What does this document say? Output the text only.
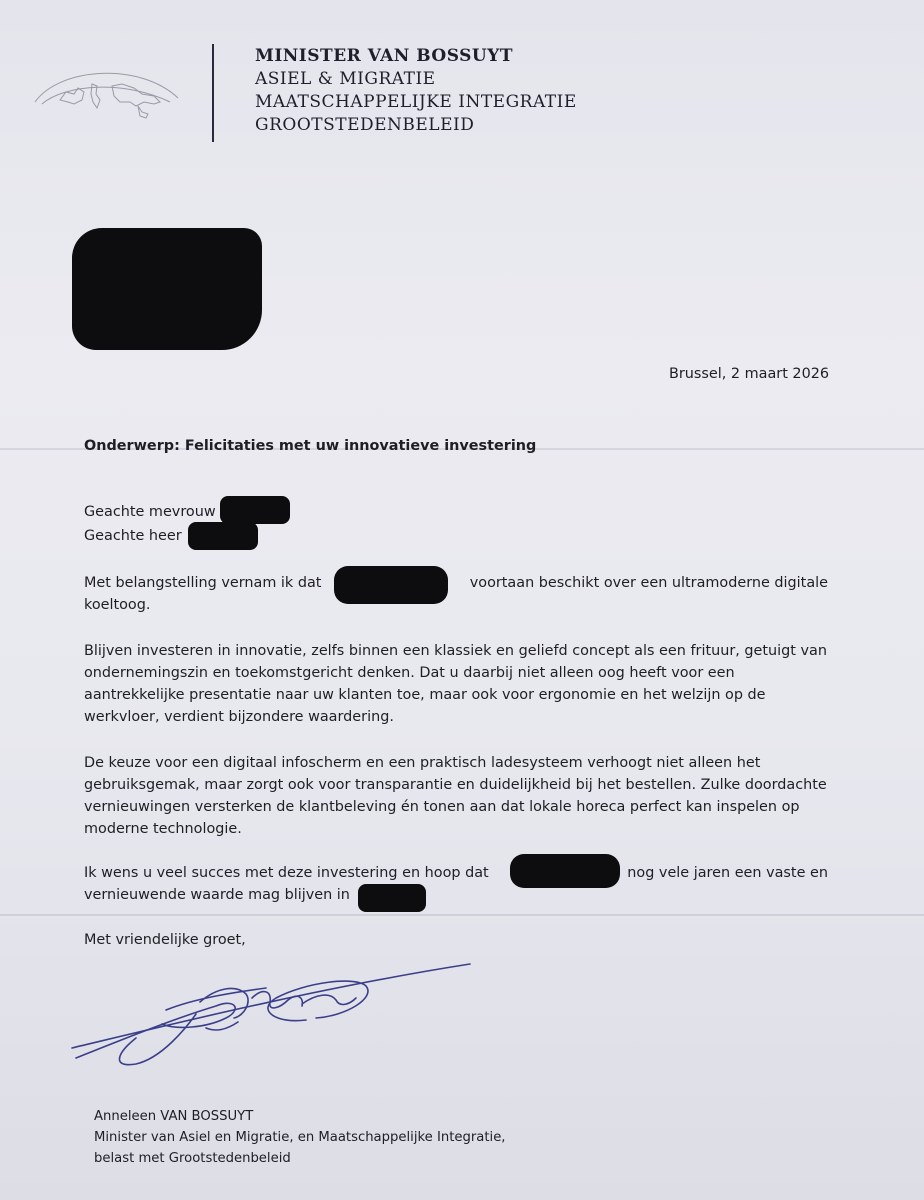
MINISTER VAN BOSSUYT
ASIEL & MIGRATIE
MAATSCHAPPELIJKE INTEGRATIE
GROOTSTEDENBELEID
Brussel, 2 maart 2026
Onderwerp: Felicitaties met uw innovatieve investering
Geachte mevrouw
Geachte heer
Met belangstelling vernam ik dat	voortaan beschikt over een ultramoderne digitale
koeltoog.
Blijven investeren in innovatie, zelfs binnen een klassiek en geliefd concept als een frituur, getuigt van
ondernemingszin en toekomstgericht denken. Dat u daarbij niet alleen oog heeft voor een
aantrekkelijke presentatie naar uw klanten toe, maar ook voor ergonomie en het welzijn op de
werkvloer, verdient bijzondere waardering.
De keuze voor een digitaal infoscherm en een praktisch ladesysteem verhoogt niet alleen het
gebruiksgemak, maar zorgt ook voor transparantie en duidelijkheid bij het bestellen. Zulke doordachte
vernieuwingen versterken de klantbeleving én tonen aan dat lokale horeca perfect kan inspelen op
moderne technologie.
Ik wens u veel succes met deze investering en hoop dat	nog vele jaren een vaste en
vernieuwende waarde mag blijven in
Met vriendelijke groet,
Anneleen VAN BOSSUYT
Minister van Asiel en Migratie, en Maatschappelijke Integratie,
belast met Grootstedenbeleid
